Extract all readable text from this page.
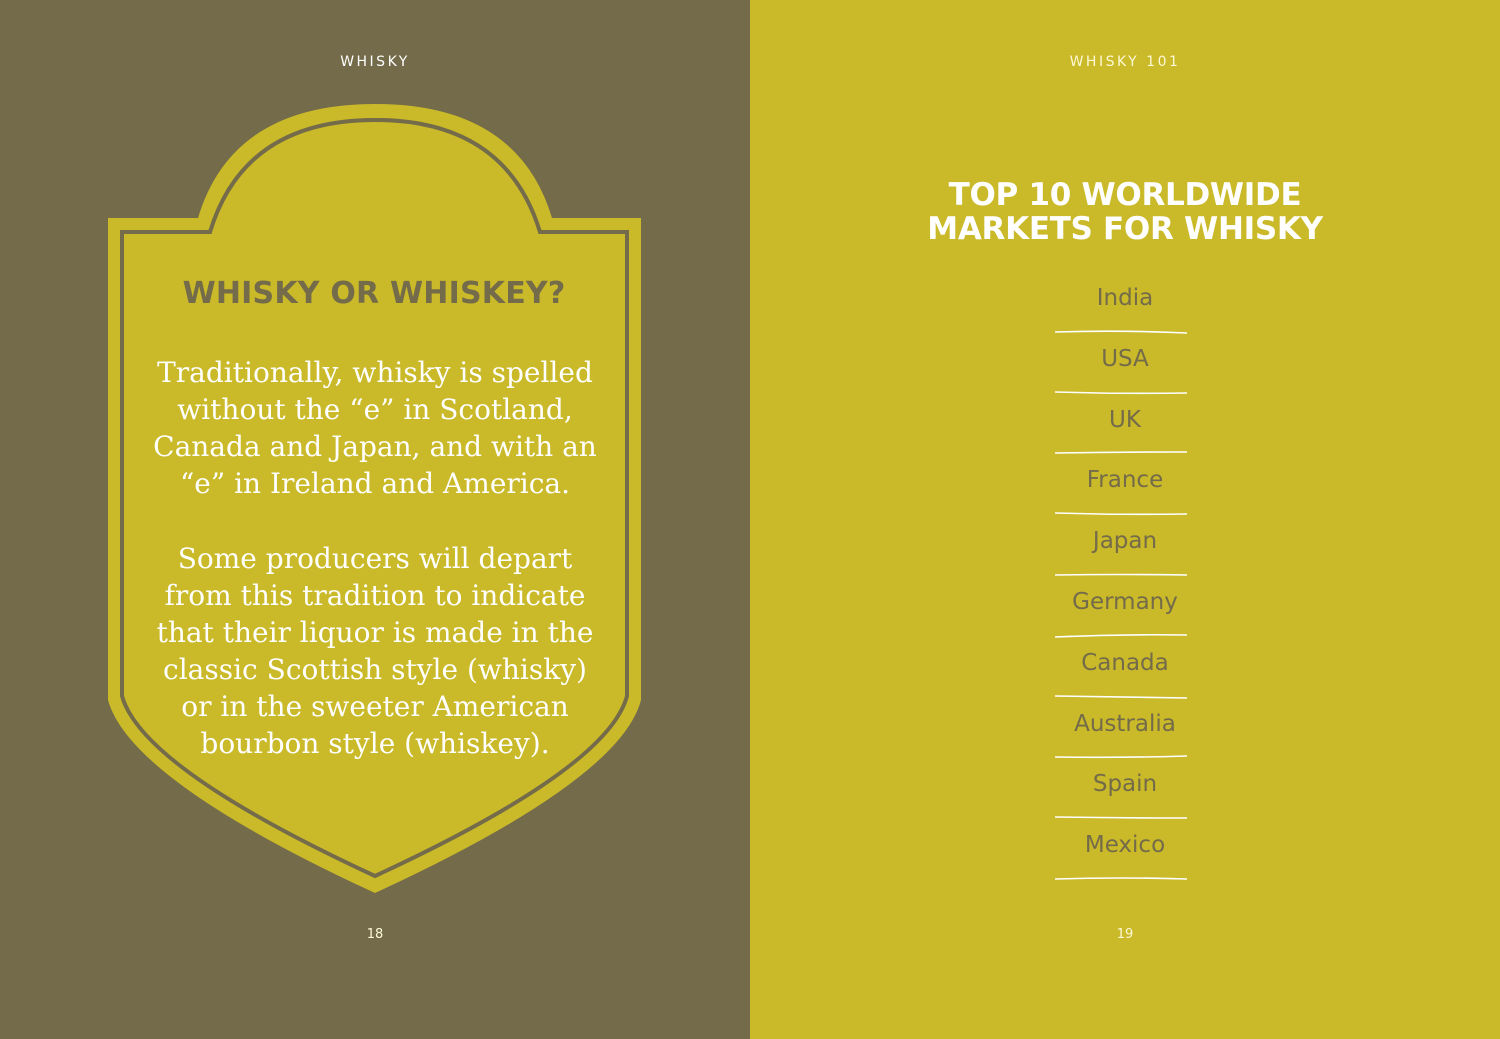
WHISKY
WHISKY OR WHISKEY?
Traditionally, whisky is spelled without the “e” in Scotland, Canada and Japan, and with an “e” in Ireland and America.
Some producers will depart from this tradition to indicate that their liquor is made in the classic Scottish style (whisky) or in the sweeter American bourbon style (whiskey).
18
WHISKY 101
TOP 10 WORLDWIDE MARKETS FOR WHISKY
India
USA
UK
France
Japan
Germany
Canada
Australia
Spain
Mexico
19
